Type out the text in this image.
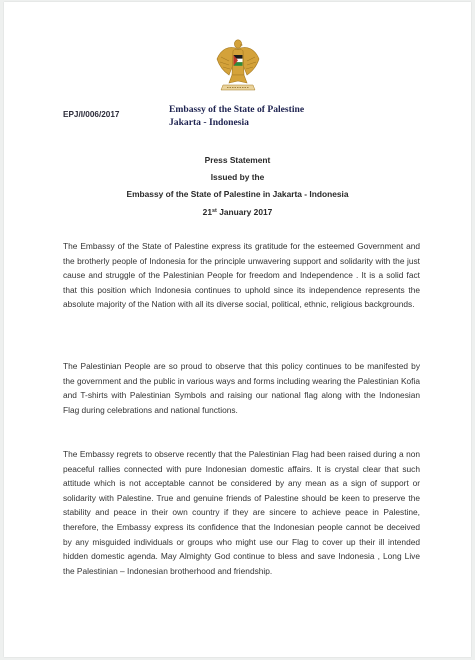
EPJ/I/006/2017	Embassy of the State of Palestine
Jakarta - Indonesia
Press Statement
Issued by the
Embassy of the State of Palestine in Jakarta - Indonesia
21st January 2017
The Embassy of the State of Palestine express its gratitude for the esteemed Government and the brotherly people of Indonesia for the principle unwavering support and solidarity with the just cause and struggle of the Palestinian People for freedom and Independence . It is a solid fact that this position which Indonesia continues to uphold since its independence represents the absolute majority of the Nation with all its diverse social, political, ethnic, religious backgrounds.
The Palestinian People are so proud to observe that this policy continues to be manifested by the government and the public in various ways and forms including wearing the Palestinian Kofia and T-shirts with Palestinian Symbols and raising our national flag along with the Indonesian Flag during celebrations and national functions.
The Embassy regrets to observe recently that the Palestinian Flag had been raised during a non peaceful rallies connected with pure Indonesian domestic affairs. It is crystal clear that such attitude which is not acceptable cannot be considered by any mean as a sign of support or solidarity with Palestine. True and genuine friends of Palestine should be keen to preserve the stability and peace in their own country if they are sincere to achieve peace in Palestine, therefore, the Embassy express its confidence that the Indonesian people cannot be deceived by any misguided individuals or groups who might use our Flag to cover up their ill intended hidden domestic agenda. May Almighty God continue to bless and save Indonesia , Long Live the Palestinian – Indonesian brotherhood and friendship.
